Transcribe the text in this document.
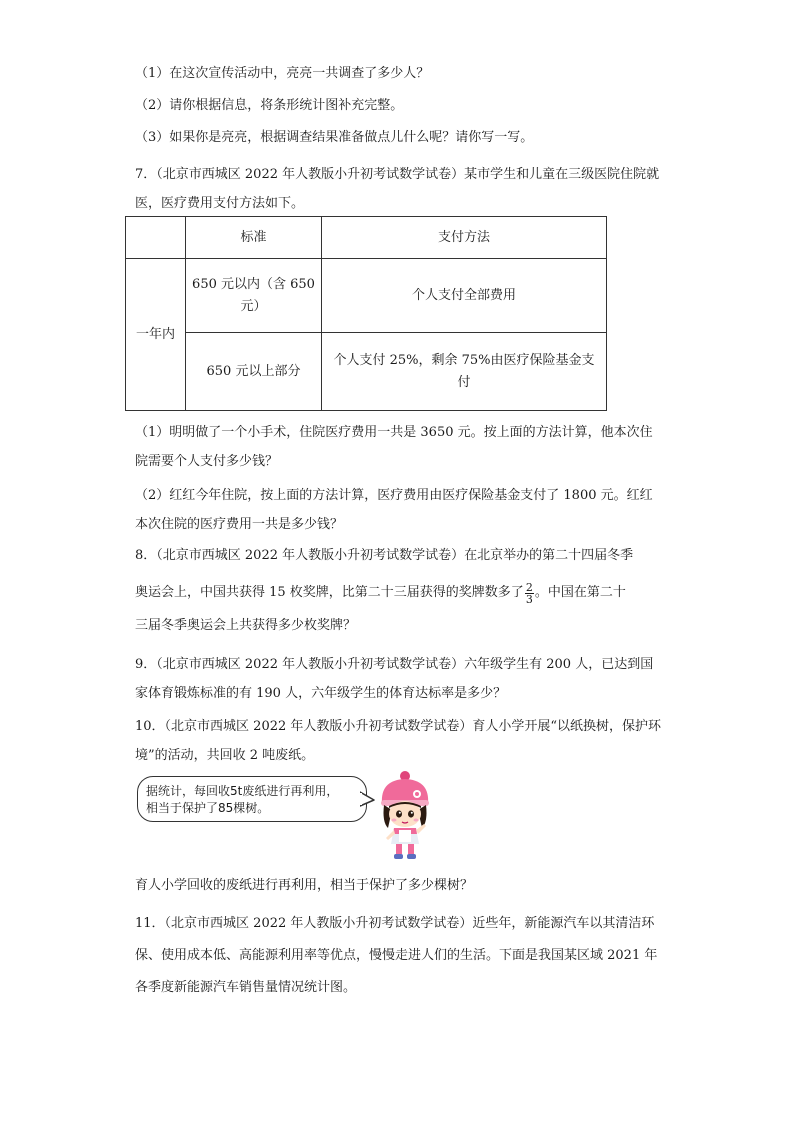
（1）在这次宣传活动中，亮亮一共调查了多少人？
（2）请你根据信息，将条形统计图补充完整。
（3）如果你是亮亮，根据调查结果准备做点儿什么呢？请你写一写。

7．（北京市西城区 2022 年人教版小升初考试数学试卷）某市学生和儿童在三级医院住院就医，医疗费用支付方法如下。

	标准	支付方法
一年内	650 元以内（含 650 元）	个人支付全部费用
	650 元以上部分	个人支付 25%，剩余 75%由医疗保险基金支付

（1）明明做了一个小手术，住院医疗费用一共是 3650 元。按上面的方法计算，他本次住院需要个人支付多少钱？

（2）红红今年住院，按上面的方法计算，医疗费用由医疗保险基金支付了 1800 元。红红本次住院的医疗费用一共是多少钱？

8．（北京市西城区 2022 年人教版小升初考试数学试卷）在北京举办的第二十四届冬季
奥运会上，中国共获得 15 枚奖牌，比第二十三届获得的奖牌数多了 $\frac{2}{3}$ 。中国在第二十
三届冬季奥运会上共获得多少枚奖牌？

9．（北京市西城区 2022 年人教版小升初考试数学试卷）六年级学生有 200 人，已达到国家体育锻炼标准的有 190 人，六年级学生的体育达标率是多少？

10．（北京市西城区 2022 年人教版小升初考试数学试卷）育人小学开展“以纸换树，保护环境”的活动，共回收 2 吨废纸。

据统计，每回收5t废纸进行再利用，
相当于保护了85棵树。
育人小学回收的废纸进行再利用，相当于保护了多少棵树？

11．（北京市西城区 2022 年人教版小升初考试数学试卷）近些年，新能源汽车以其清洁环保、使用成本低、高能源利用率等优点，慢慢走进人们的生活。下面是我国某区域 2021 年各季度新能源汽车销售量情况统计图。
